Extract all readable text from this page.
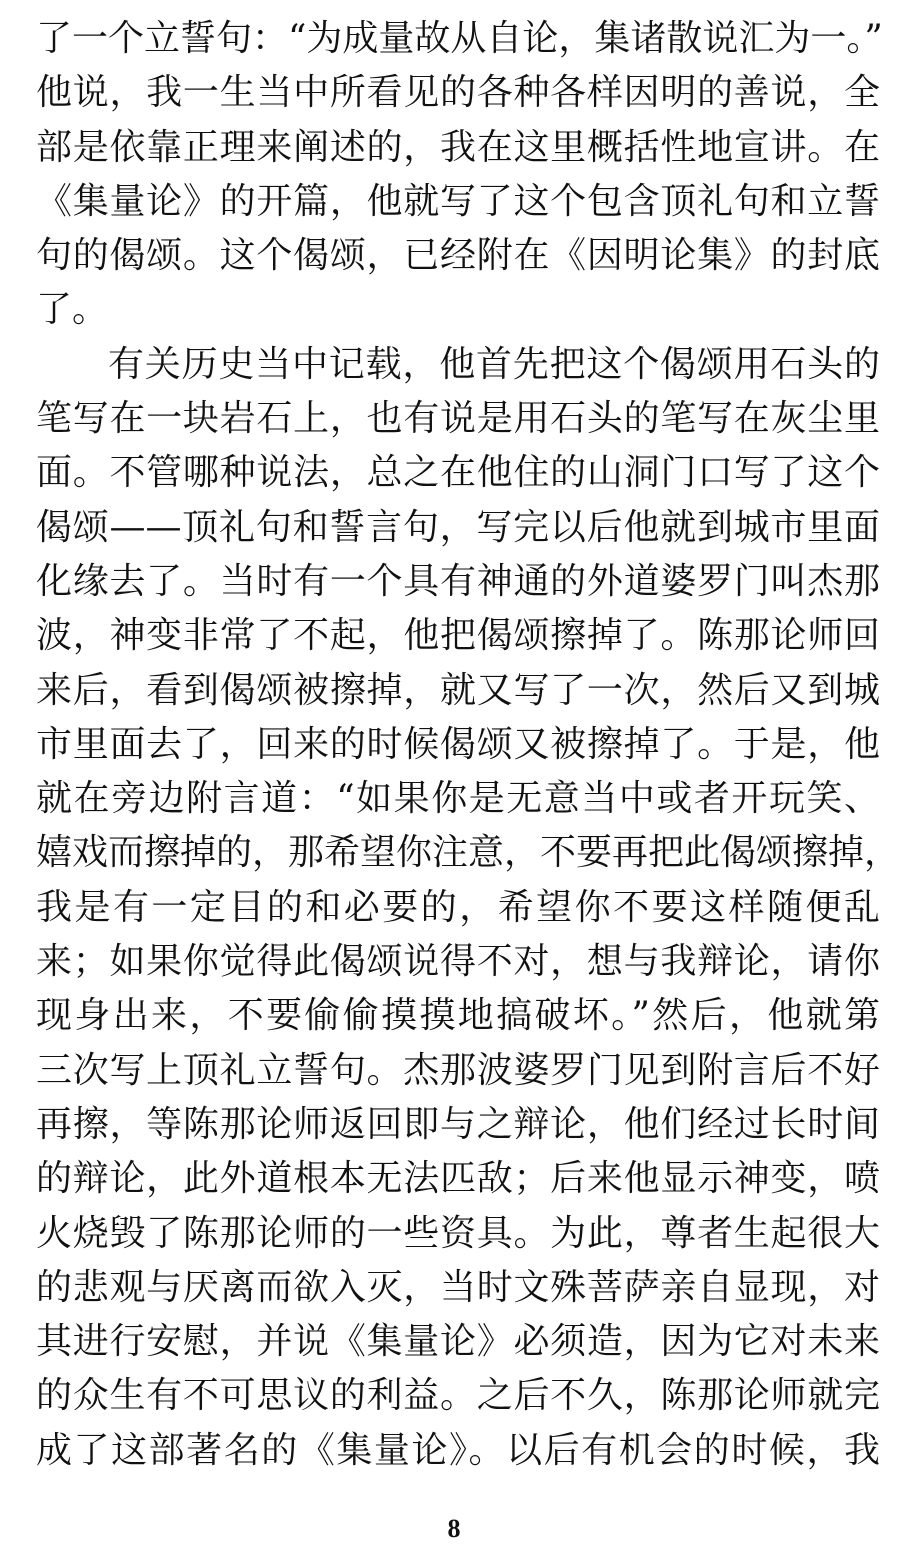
了一个立誓句：“为成量故从自论，集诸散说汇为一。”
他说，我一生当中所看见的各种各样因明的善说，全
部是依靠正理来阐述的，我在这里概括性地宣讲。在
《集量论》的开篇，他就写了这个包含顶礼句和立誓
句的偈颂。这个偈颂，已经附在《因明论集》的封底
了。
有关历史当中记载，他首先把这个偈颂用石头的
笔写在一块岩石上，也有说是用石头的笔写在灰尘里
面。不管哪种说法，总之在他住的山洞门口写了这个
偈颂——顶礼句和誓言句，写完以后他就到城市里面
化缘去了。当时有一个具有神通的外道婆罗门叫杰那
波，神变非常了不起，他把偈颂擦掉了。陈那论师回
来后，看到偈颂被擦掉，就又写了一次，然后又到城
市里面去了，回来的时候偈颂又被擦掉了。于是，他
就在旁边附言道：“如果你是无意当中或者开玩笑、
嬉戏而擦掉的，那希望你注意，不要再把此偈颂擦掉，
我是有一定目的和必要的，希望你不要这样随便乱
来；如果你觉得此偈颂说得不对，想与我辩论，请你
现身出来，不要偷偷摸摸地搞破坏。”然后，他就第
三次写上顶礼立誓句。杰那波婆罗门见到附言后不好
再擦，等陈那论师返回即与之辩论，他们经过长时间
的辩论，此外道根本无法匹敌；后来他显示神变，喷
火烧毁了陈那论师的一些资具。为此，尊者生起很大
的悲观与厌离而欲入灭，当时文殊菩萨亲自显现，对
其进行安慰，并说《集量论》必须造，因为它对未来
的众生有不可思议的利益。之后不久，陈那论师就完
成了这部著名的《集量论》。以后有机会的时候，我
8
